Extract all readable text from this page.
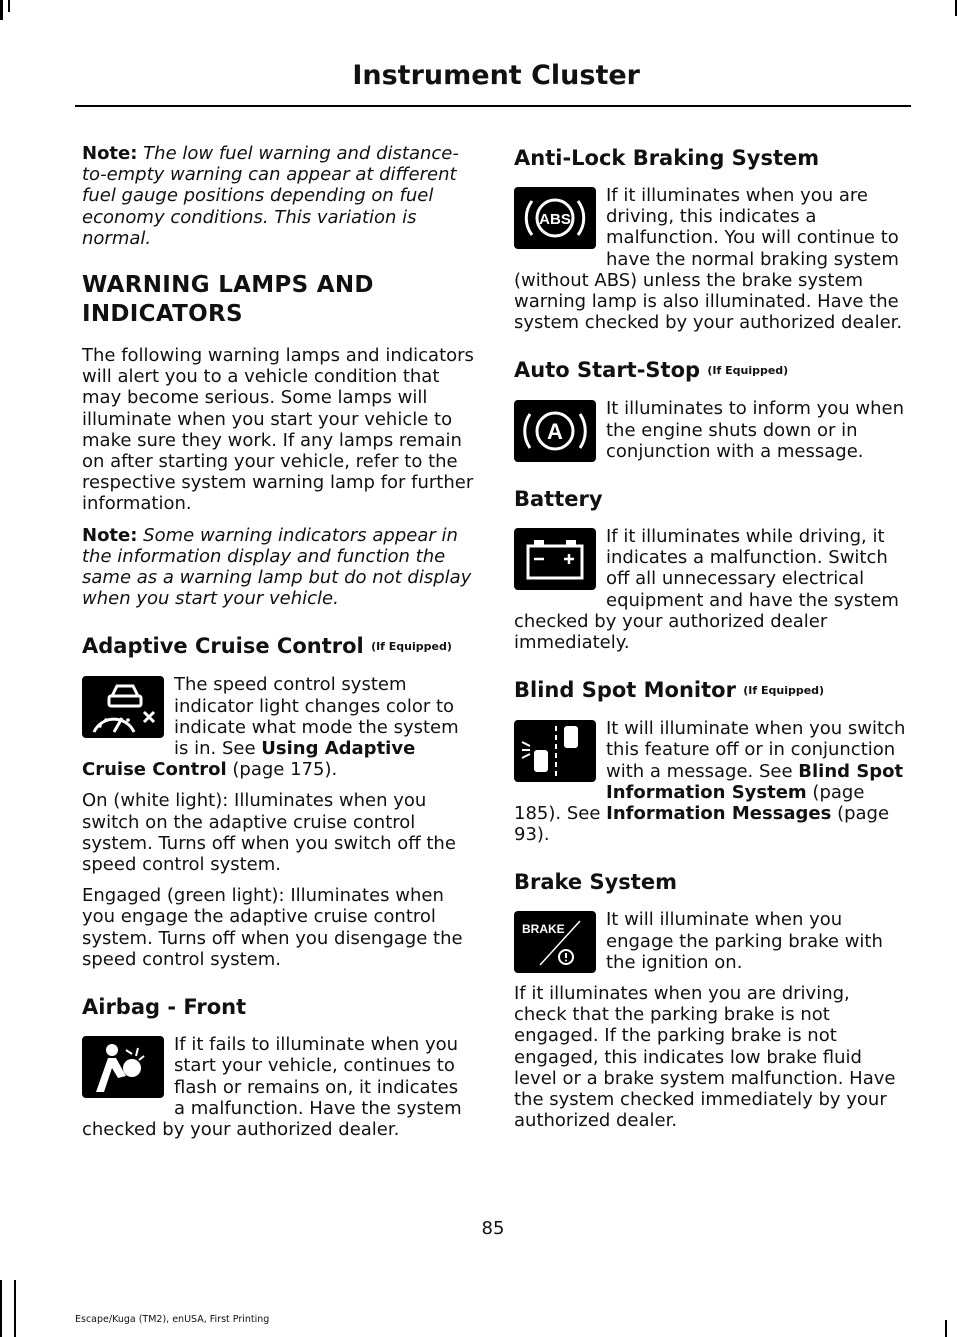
Instrument Cluster

Note: The low fuel warning and distance-to-empty warning can appear at different fuel gauge positions depending on fuel economy conditions. This variation is normal.

WARNING LAMPS AND INDICATORS

The following warning lamps and indicators will alert you to a vehicle condition that may become serious. Some lamps will illuminate when you start your vehicle to make sure they work. If any lamps remain on after starting your vehicle, refer to the respective system warning lamp for further information.

Note: Some warning indicators appear in the information display and function the same as a warning lamp but do not display when you start your vehicle.

Adaptive Cruise Control (If Equipped)

The speed control system indicator light changes color to indicate what mode the system is in. See Using Adaptive Cruise Control (page 175).

On (white light): Illuminates when you switch on the adaptive cruise control system. Turns off when you switch off the speed control system.

Engaged (green light): Illuminates when you engage the adaptive cruise control system. Turns off when you disengage the speed control system.

Airbag - Front

If it fails to illuminate when you start your vehicle, continues to flash or remains on, it indicates a malfunction. Have the system checked by your authorized dealer.

Anti-Lock Braking System
ABS

If it illuminates when you are driving, this indicates a malfunction. You will continue to have the normal braking system (without ABS) unless the brake system warning lamp is also illuminated. Have the system checked by your authorized dealer.

Auto Start-Stop (If Equipped)
A

It illuminates to inform you when the engine shuts down or in conjunction with a message.

Battery

If it illuminates while driving, it indicates a malfunction. Switch off all unnecessary electrical equipment and have the system checked by your authorized dealer immediately.

Blind Spot Monitor (If Equipped)

It will illuminate when you switch this feature off or in conjunction with a message. See Blind Spot Information System (page 185). See Information Messages (page 93).

Brake System
BRAKE	It will illuminate when you engage the parking brake with the ignition on.

If it illuminates when you are driving, check that the parking brake is not engaged. If the parking brake is not engaged, this indicates low brake fluid level or a brake system malfunction. Have the system checked immediately by your authorized dealer.

85
Escape/Kuga (TM2), enUSA, First Printing
